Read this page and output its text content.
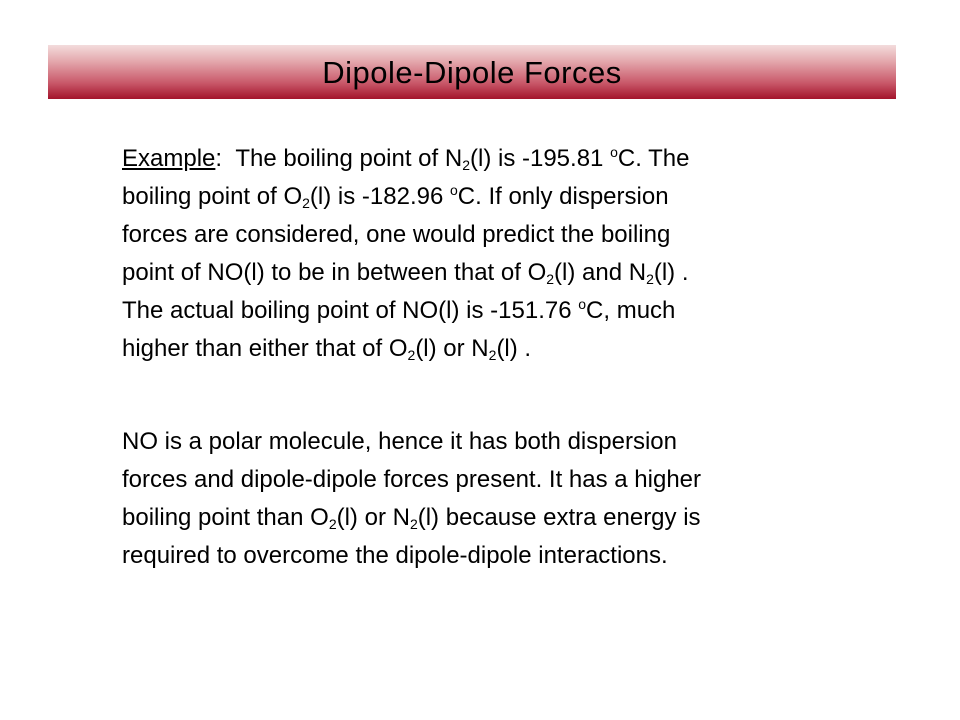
Dipole-Dipole Forces
Example: The boiling point of $N_2(l)$ is -195.81 $^o$C. The
boiling point of $O_2(l)$ is -182.96 $^o$C. If only dispersion
forces are considered, one would predict the boiling
point of NO(l) to be in between that of $O_2(l)$ and $N_2(l)$ .
The actual boiling point of NO(l) is -151.76 $^o$C, much
higher than either that of $O_2(l)$ or $N_2(l)$ .
NO is a polar molecule, hence it has both dispersion
forces and dipole-dipole forces present. It has a higher
boiling point than $O_2(l)$ or $N_2(l)$ because extra energy is
required to overcome the dipole-dipole interactions.
